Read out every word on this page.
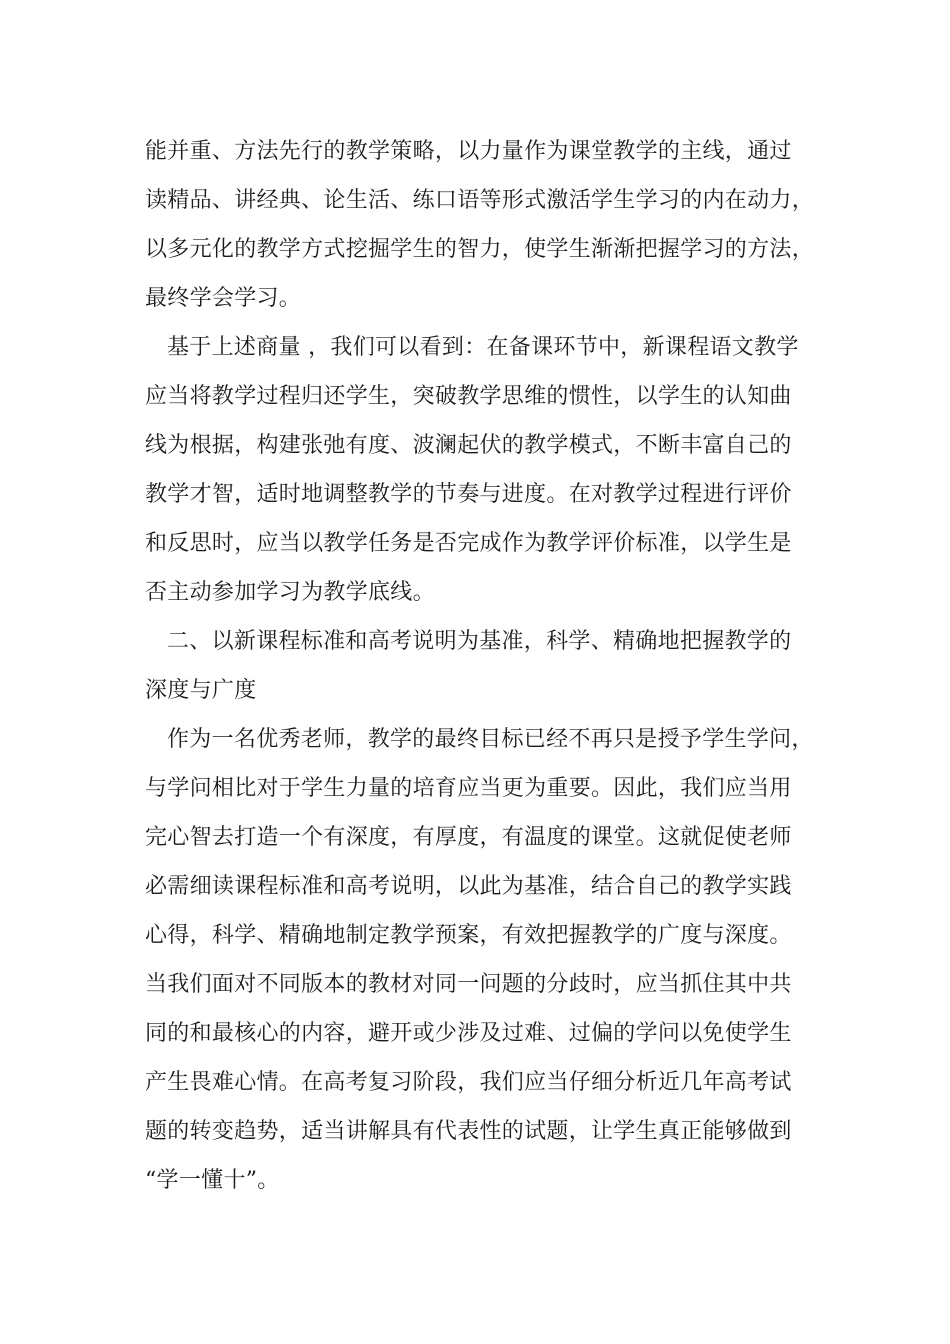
能并重、方法先行的教学策略，以力量作为课堂教学的主线，通过
读精品、讲经典、论生活、练口语等形式激活学生学习的内在动力，
以多元化的教学方式挖掘学生的智力，使学生渐渐把握学习的方法，
最终学会学习。
基于上述商量 ，我们可以看到：在备课环节中，新课程语文教学
应当将教学过程归还学生，突破教学思维的惯性，以学生的认知曲
线为根据，构建张弛有度、波澜起伏的教学模式，不断丰富自己的
教学才智，适时地调整教学的节奏与进度。在对教学过程进行评价
和反思时，应当以教学任务是否完成作为教学评价标准，以学生是
否主动参加学习为教学底线。
二、以新课程标准和高考说明为基准，科学、精确地把握教学的
深度与广度
作为一名优秀老师，教学的最终目标已经不再只是授予学生学问，
与学问相比对于学生力量的培育应当更为重要。因此，我们应当用
完心智去打造一个有深度，有厚度，有温度的课堂。这就促使老师
必需细读课程标准和高考说明，以此为基准，结合自己的教学实践
心得，科学、精确地制定教学预案，有效把握教学的广度与深度。
当我们面对不同版本的教材对同一问题的分歧时，应当抓住其中共
同的和最核心的内容，避开或少涉及过难、过偏的学问以免使学生
产生畏难心情。在高考复习阶段，我们应当仔细分析近几年高考试
题的转变趋势，适当讲解具有代表性的试题，让学生真正能够做到
“学一懂十”。
